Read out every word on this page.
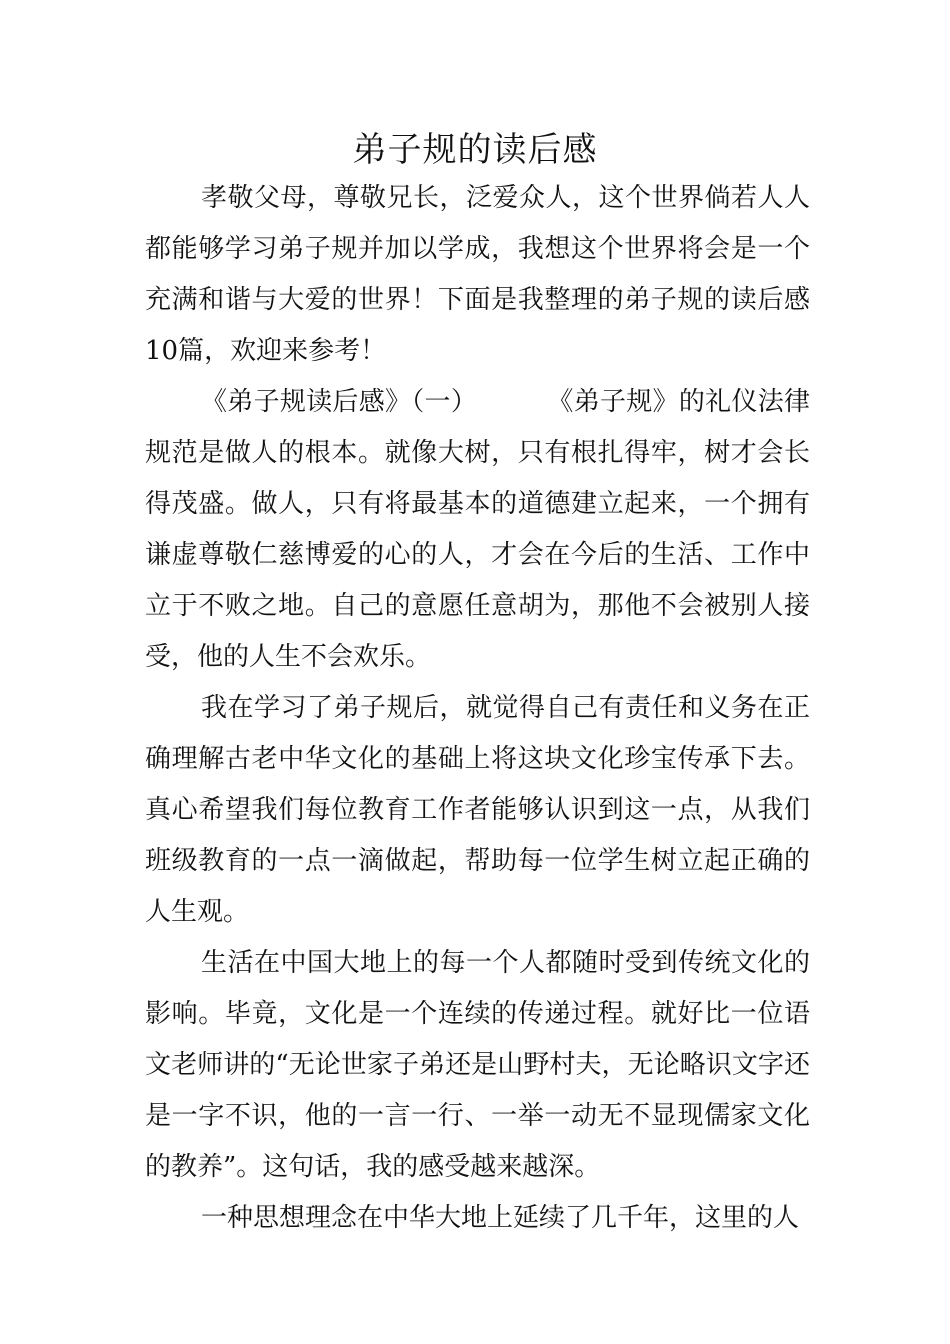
弟子规的读后感

孝敬父母，尊敬兄长，泛爱众人，这个世界倘若人人都能够学习弟子规并加以学成，我想这个世界将会是一个充满和谐与大爱的世界！下面是我整理的弟子规的读后感10篇，欢迎来参考！

《弟子规读后感》（一）	《弟子规》的礼仪法律规范是做人的根本。就像大树，只有根扎得牢，树才会长得茂盛。做人，只有将最基本的道德建立起来，一个拥有谦虚尊敬仁慈博爱的心的人，才会在今后的生活、工作中立于不败之地。自己的意愿任意胡为，那他不会被别人接受，他的人生不会欢乐。

我在学习了弟子规后，就觉得自己有责任和义务在正确理解古老中华文化的基础上将这块文化珍宝传承下去。真心希望我们每位教育工作者能够认识到这一点，从我们班级教育的一点一滴做起，帮助每一位学生树立起正确的人生观。

生活在中国大地上的每一个人都随时受到传统文化的影响。毕竟，文化是一个连续的传递过程。就好比一位语文老师讲的“无论世家子弟还是山野村夫，无论略识文字还是一字不识，他的一言一行、一举一动无不显现儒家文化的教养”。这句话，我的感受越来越深。

一种思想理念在中华大地上延续了几千年，这里的人
